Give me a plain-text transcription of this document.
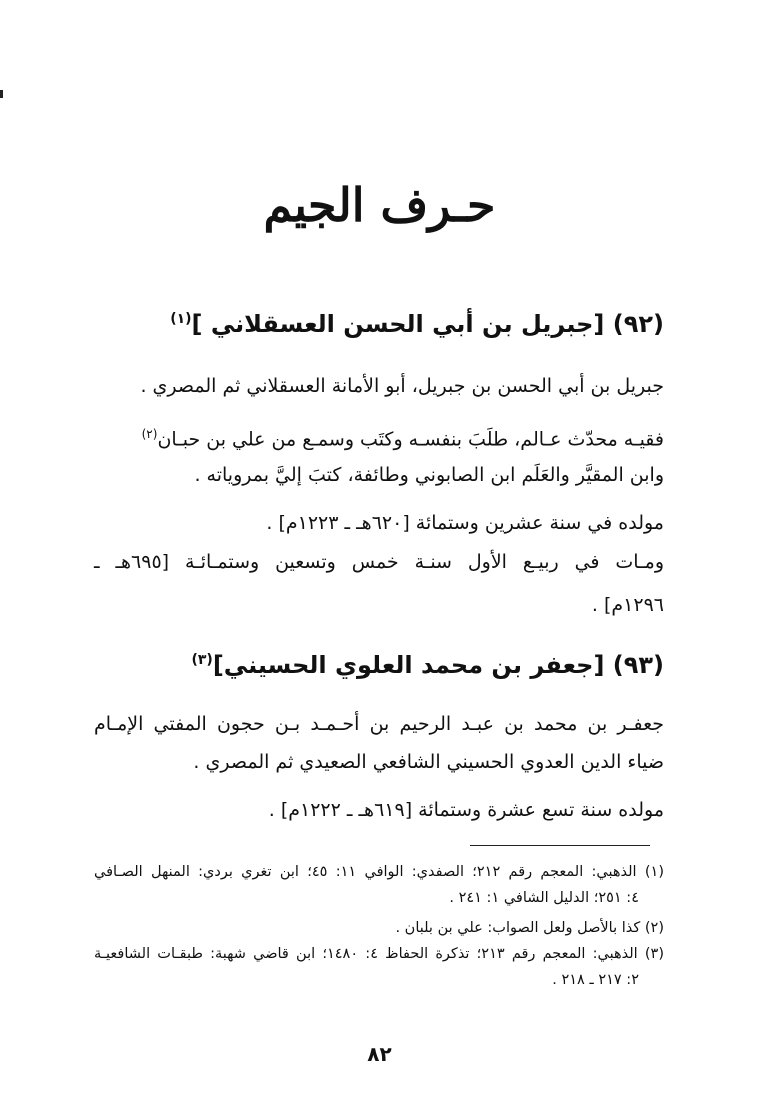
حـرف الجيم
(٩٢) [جبريل بن أبي الحسن العسقلاني ]$^{(١)}$
جبريل بن أبي الحسن بن جبريل، أبو الأمانة العسقلاني ثم المصري .
فقيـه محدّث عـالم، طلَبَ بنفسـه وكتَب وسمـع من علي بن حبـان$^{(٢)}$
وابن المقيَّر والعَلَم ابن الصابوني وطائفة، كتبَ إليَّ بمروياته .
مولده في سنة عشرين وستمائة [٦٢٠هـ ـ ١٢٢٣م] .
ومـات في ربيـع الأول سنـة خمس وتسعين وستمـائـة [٦٩٥هـ ـ
١٢٩٦م] .
(٩٣) [جعفر بن محمد العلوي الحسيني]$^{(٣)}$
جعفـر بن محمد بن عبـد الرحيم بن أحـمـد بـن حجون المفتي الإمـام
ضياء الدين العدوي الحسيني الشافعي الصعيدي ثم المصري .
مولده سنة تسع عشرة وستمائة [٦١٩هـ ـ ١٢٢٢م] .
(١) الذهبي: المعجم رقم ٢١٢؛ الصفدي: الوافي ١١: ٤٥؛ ابن تغري بردي: المنهل الصـافي
٤: ٢٥١؛ الدليل الشافي ١: ٢٤١ .
(٢) كذا بالأصل ولعل الصواب: علي بن بلبان .
(٣) الذهبي: المعجم رقم ٢١٣؛ تذكرة الحفاظ ٤: ١٤٨٠؛ ابن قاضي شهبة: طبقـات الشافعيـة
٢: ٢١٧ ـ ٢١٨ .
٨٢
